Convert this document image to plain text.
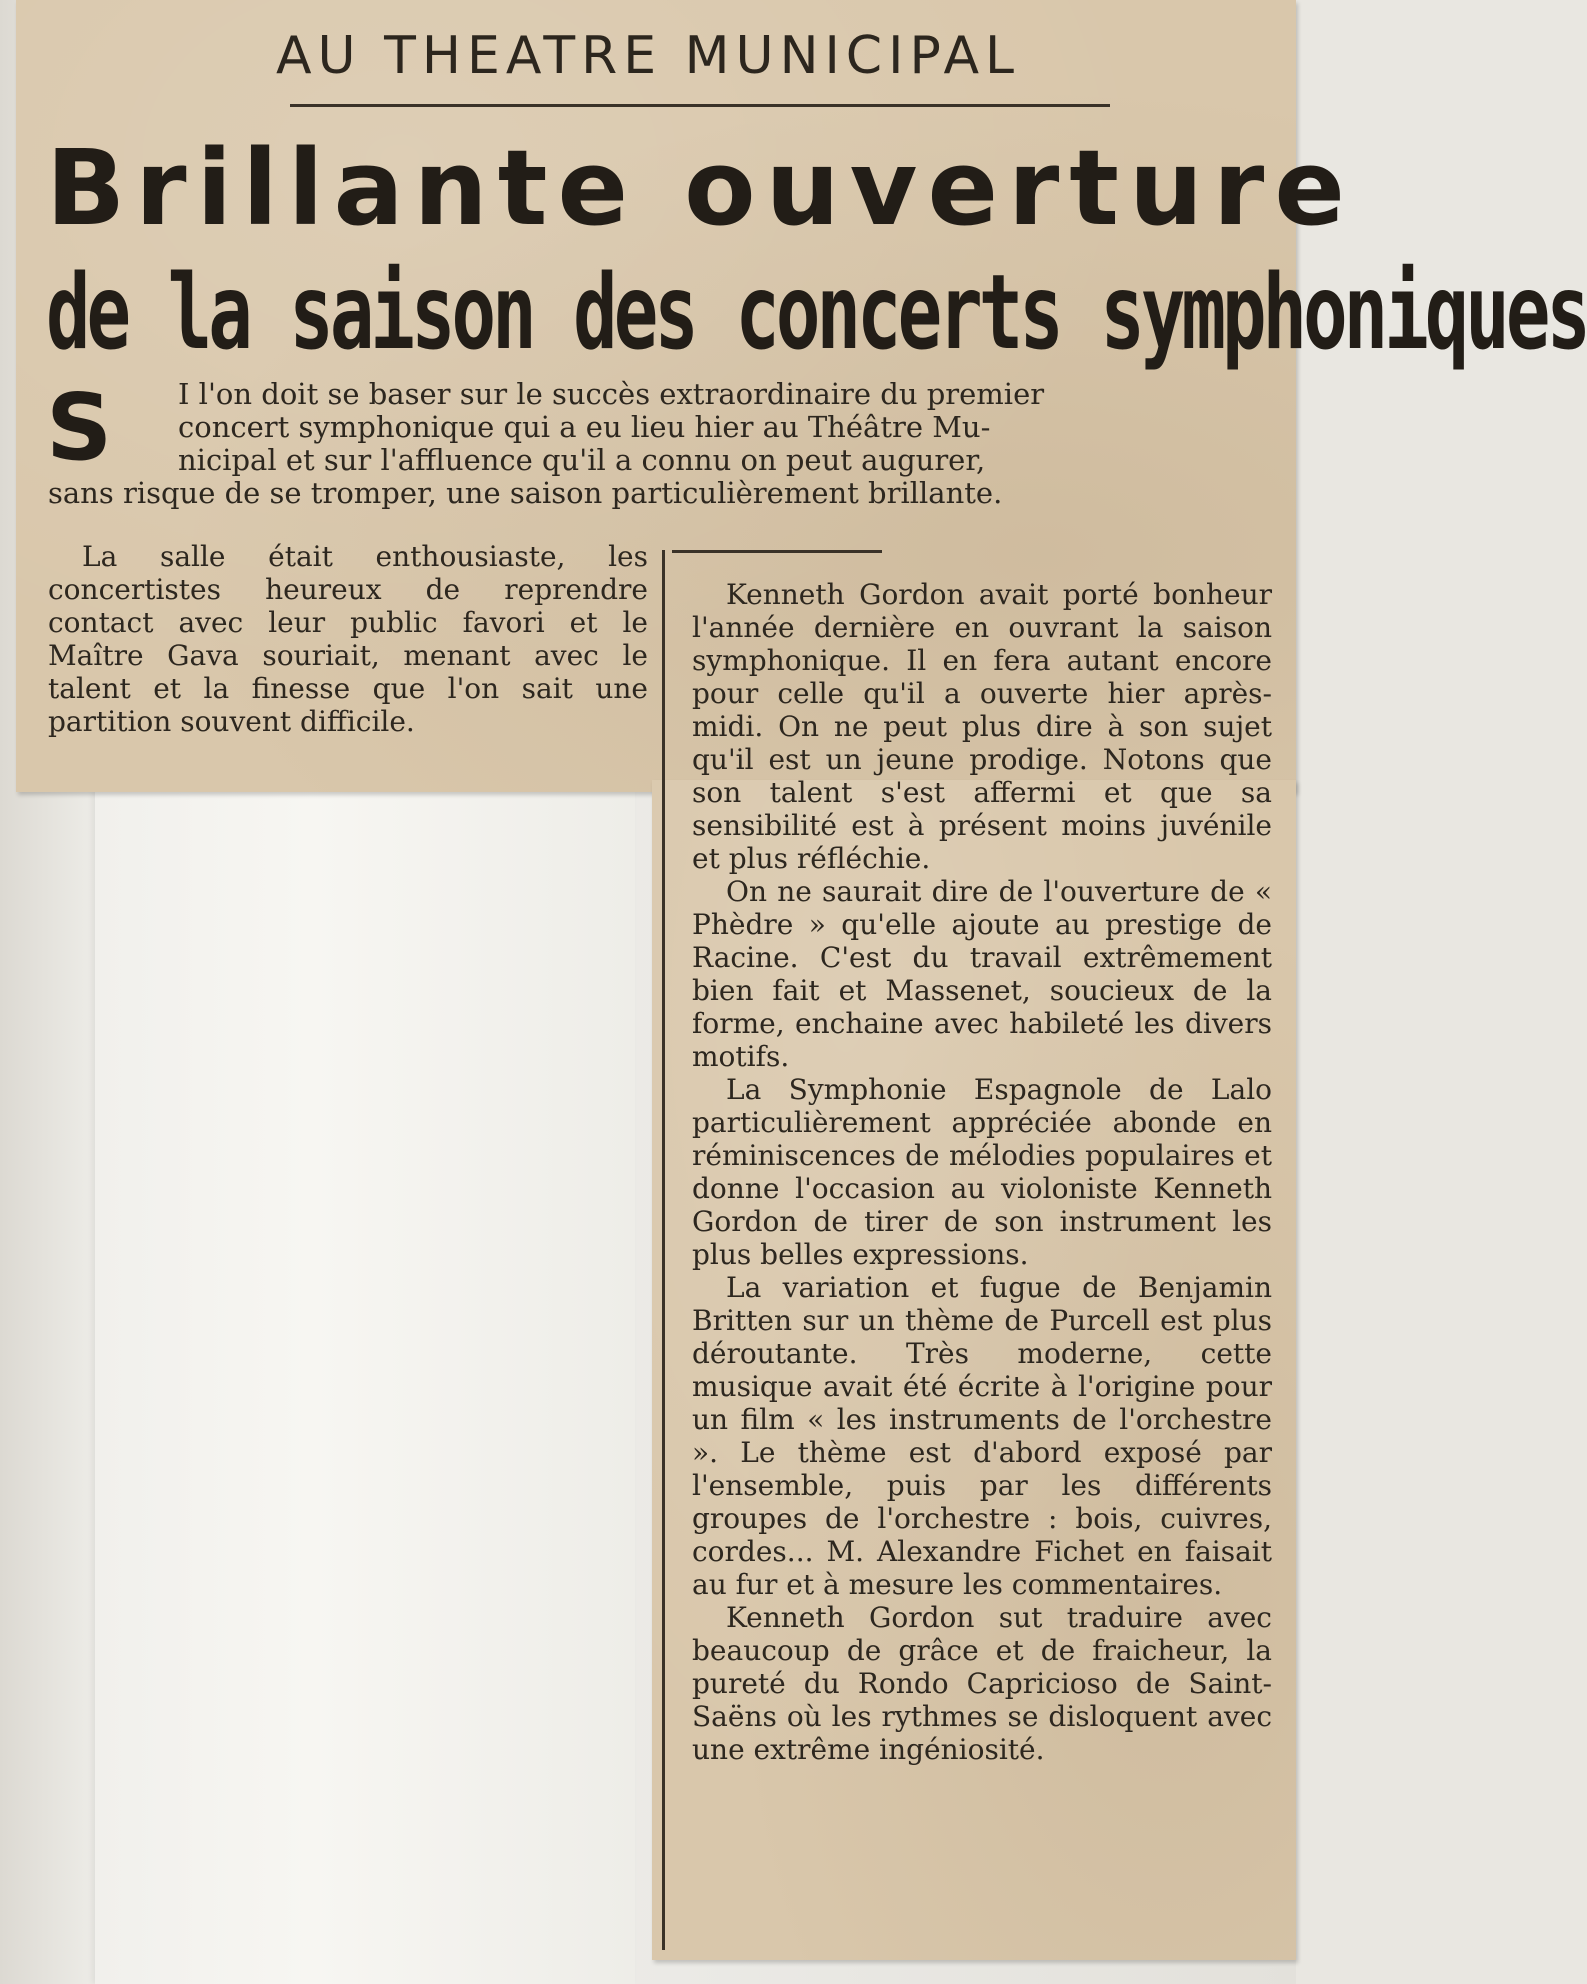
AU THEATRE MUNICIPAL
Brillante ouverture
de la saison des concerts symphoniques
S	I l'on doit se baser sur le succès extraordinaire du premier
concert symphonique qui a eu lieu hier au Théâtre Mu-
nicipal et sur l'affluence qu'il a connu on peut augurer,
sans risque de se tromper, une saison particulièrement brillante.

La salle était enthousiaste, les concertistes heureux de reprendre contact avec leur public favori et le Maître Gava souriait, menant avec le talent et la finesse que l'on sait une partition souvent difficile.

Kenneth Gordon avait porté bonheur l'année dernière en ouvrant la saison symphonique. Il en fera autant encore pour celle qu'il a ouverte hier après-midi. On ne peut plus dire à son sujet qu'il est un jeune prodige. Notons que son talent s'est affermi et que sa sensibilité est à présent moins juvénile et plus réfléchie.

On ne saurait dire de l'ouverture de « Phèdre » qu'elle ajoute au prestige de Racine. C'est du travail extrêmement bien fait et Massenet, soucieux de la forme, enchaine avec habileté les divers motifs.

La Symphonie Espagnole de Lalo particulièrement appréciée abonde en réminiscences de mélodies populaires et donne l'occasion au violoniste Kenneth Gordon de tirer de son instrument les plus belles expressions.

La variation et fugue de Benjamin Britten sur un thème de Purcell est plus déroutante. Très moderne, cette musique avait été écrite à l'origine pour un film « les instruments de l'orchestre ». Le thème est d'abord exposé par l'ensemble, puis par les différents groupes de l'orchestre : bois, cuivres, cordes... M. Alexandre Fichet en faisait au fur et à mesure les commentaires.

Kenneth Gordon sut traduire avec beaucoup de grâce et de fraicheur, la pureté du Rondo Capricioso de Saint-Saëns où les rythmes se disloquent avec une extrême ingéniosité.
